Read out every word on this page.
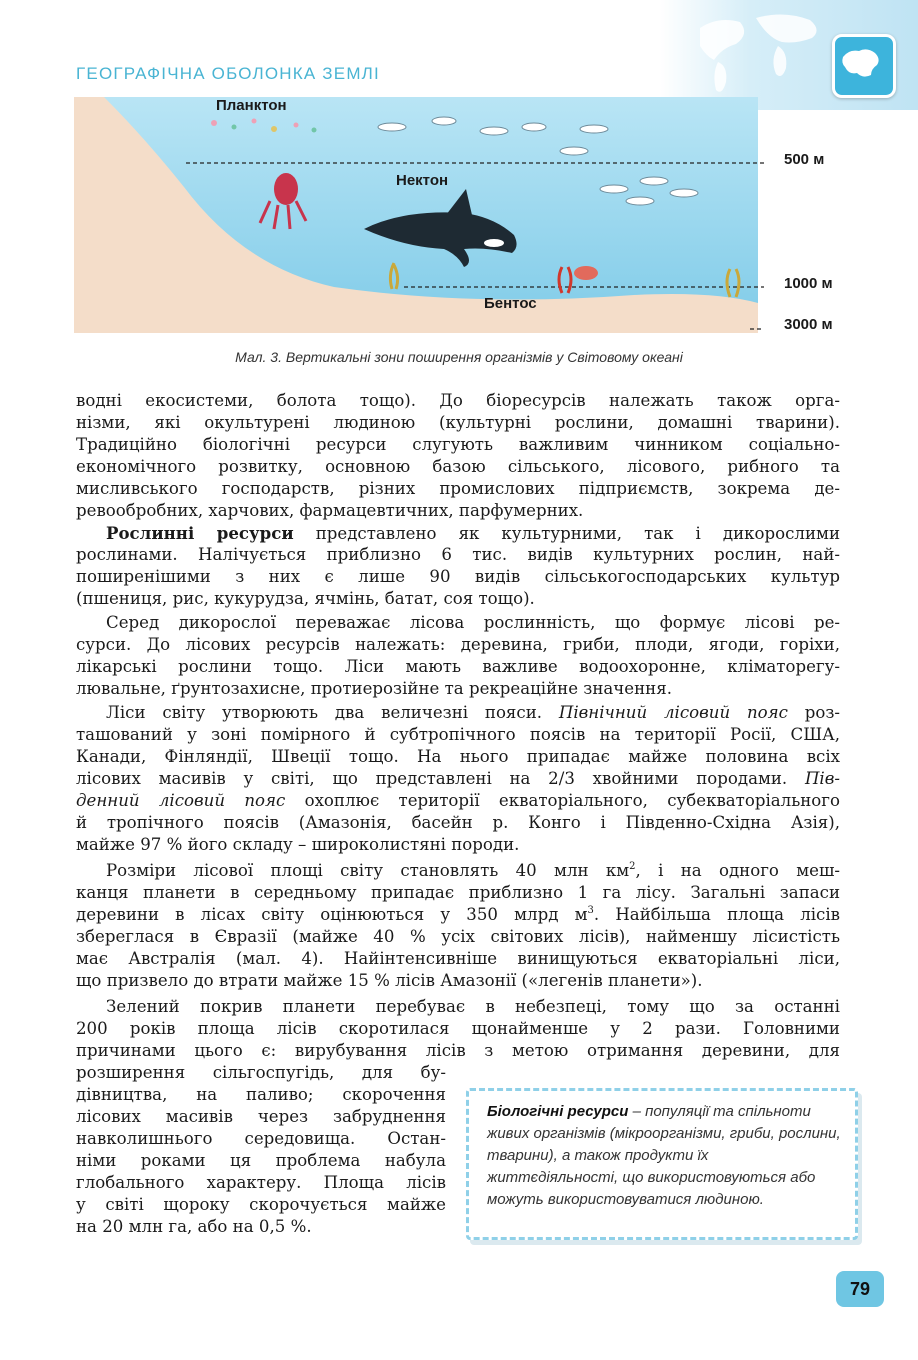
ГЕОГРАФІЧНА ОБОЛОНКА ЗЕМЛІ
Планктон
Нектон
Бентос
500 м
1000 м
3000 м
Мал. 3. Вертикальні зони поширення організмів у Світовому океані
водні екосистеми, болота тощо). До біоресурсів належать також орга-
нізми, які окультурені людиною (культурні рослини, домашні тварини).
Традиційно біологічні ресурси слугують важливим чинником соціально-
економічного розвитку, основною базою сільського, лісового, рибного та
мисливського господарств, різних промислових підприємств, зокрема де-
ревообробних, харчових, фармацевтичних, парфумерних.
Рослинні ресурси представлено як культурними, так і дикорослими
рослинами. Налічується приблизно 6 тис. видів культурних рослин, най-
поширенішими з них є лише 90 видів сільськогосподарських культур
(пшениця, рис, кукурудза, ячмінь, батат, соя тощо).
Серед дикорослої переважає лісова рослинність, що формує лісові ре-
сурси. До лісових ресурсів належать: деревина, гриби, плоди, ягоди, горіхи,
лікарські рослини тощо. Ліси мають важливе водоохоронне, кліматорегу-
лювальне, ґрунтозахисне, протиерозійне та рекреаційне значення.
Ліси світу утворюють два величезні пояси. Північний лісовий пояс роз-
ташований у зоні помірного й субтропічного поясів на території Росії, США,
Канади, Фінляндії, Швеції тощо. На нього припадає майже половина всіх
лісових масивів у світі, що представлені на 2/3 хвойними породами. Пів-
денний лісовий пояс охоплює території екваторіального, субекваторіального
й тропічного поясів (Амазонія, басейн р. Конго і Південно-Східна Азія),
майже 97 % його складу – широколистяні породи.
Розміри лісової площі світу становлять 40 млн $км^2$, і на одного меш-
канця планети в середньому припадає приблизно 1 га лісу. Загальні запаси
деревини в лісах світу оцінюються у 350 млрд $м^3$. Найбільша площа лісів
збереглася в Євразії (майже 40 % усіх світових лісів), найменшу лісистість
має Австралія (мал. 4). Найінтенсивніше винищуються екваторіальні ліси,
що призвело до втрати майже 15 % лісів Амазонії («легенів планети»).
Зелений покрив планети перебуває в небезпеці, тому що за останні
200 років площа лісів скоротилася щонайменше у 2 рази. Головними
причинами цього є: вирубування лісів з метою отримання деревини, для
розширення сільгоспугідь, для бу-
дівництва, на паливо; скорочення
лісових масивів через забруднення
навколишнього середовища. Остан-
німи роками ця проблема набула
глобального характеру. Площа лісів
у світі щороку скорочується майже
на 20 млн га, або на 0,5 %.
Біологічні ресурси – популяції та спільноти живих організмів (мікроорганізми, гриби, рослини, тварини), а також продукти їх життєдіяльності, що використовуються або можуть використовуватися людиною.
79
